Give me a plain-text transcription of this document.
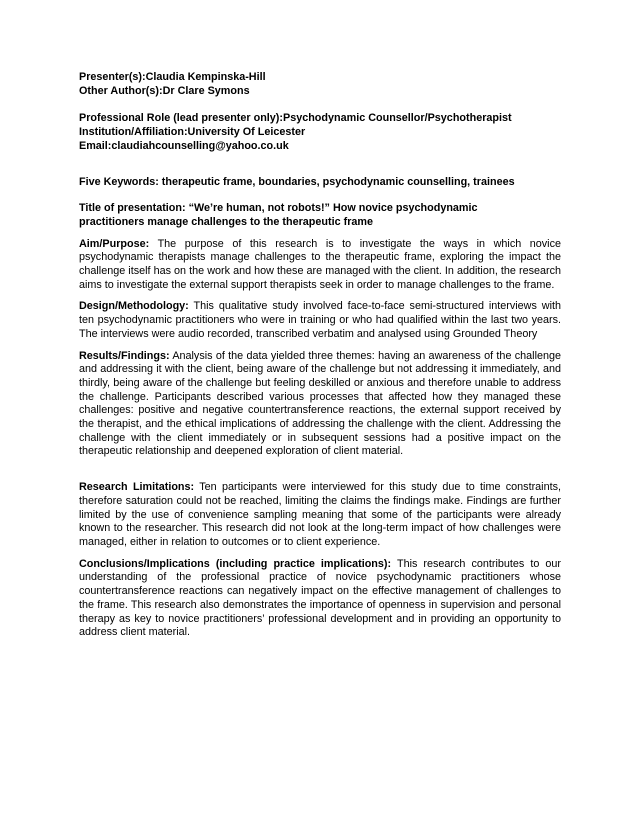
Presenter(s):Claudia Kempinska-Hill
Other Author(s):Dr Clare Symons
Professional Role (lead presenter only):Psychodynamic Counsellor/Psychotherapist
Institution/Affiliation:University Of Leicester
Email:claudiahcounselling@yahoo.co.uk
Five Keywords: therapeutic frame, boundaries, psychodynamic counselling, trainees
Title of presentation: “We’re human, not robots!” How novice psychodynamic
practitioners manage challenges to the therapeutic frame

Aim/Purpose: The purpose of this research is to investigate the ways in which novice psychodynamic therapists manage challenges to the therapeutic frame, exploring the impact the challenge itself has on the work and how these are managed with the client. In addition, the research aims to investigate the external support therapists seek in order to manage challenges to the frame.

Design/Methodology: This qualitative study involved face-to-face semi-structured interviews with ten psychodynamic practitioners who were in training or who had qualified within the last two years. The interviews were audio recorded, transcribed verbatim and analysed using Grounded Theory

Results/Findings: Analysis of the data yielded three themes: having an awareness of the challenge and addressing it with the client, being aware of the challenge but not addressing it immediately, and thirdly, being aware of the challenge but feeling deskilled or anxious and therefore unable to address the challenge. Participants described various processes that affected how they managed these challenges: positive and negative countertransference reactions, the external support received by the therapist, and the ethical implications of addressing the challenge with the client. Addressing the challenge with the client immediately or in subsequent sessions had a positive impact on the therapeutic relationship and deepened exploration of client material.

Research Limitations: Ten participants were interviewed for this study due to time constraints, therefore saturation could not be reached, limiting the claims the findings make. Findings are further limited by the use of convenience sampling meaning that some of the participants were already known to the researcher. This research did not look at the long-term impact of how challenges were managed, either in relation to outcomes or to client experience.

Conclusions/Implications (including practice implications): This research contributes to our understanding of the professional practice of novice psychodynamic practitioners whose countertransference reactions can negatively impact on the effective management of challenges to the frame. This research also demonstrates the importance of openness in supervision and personal therapy as key to novice practitioners’ professional development and in providing an opportunity to address client material.
